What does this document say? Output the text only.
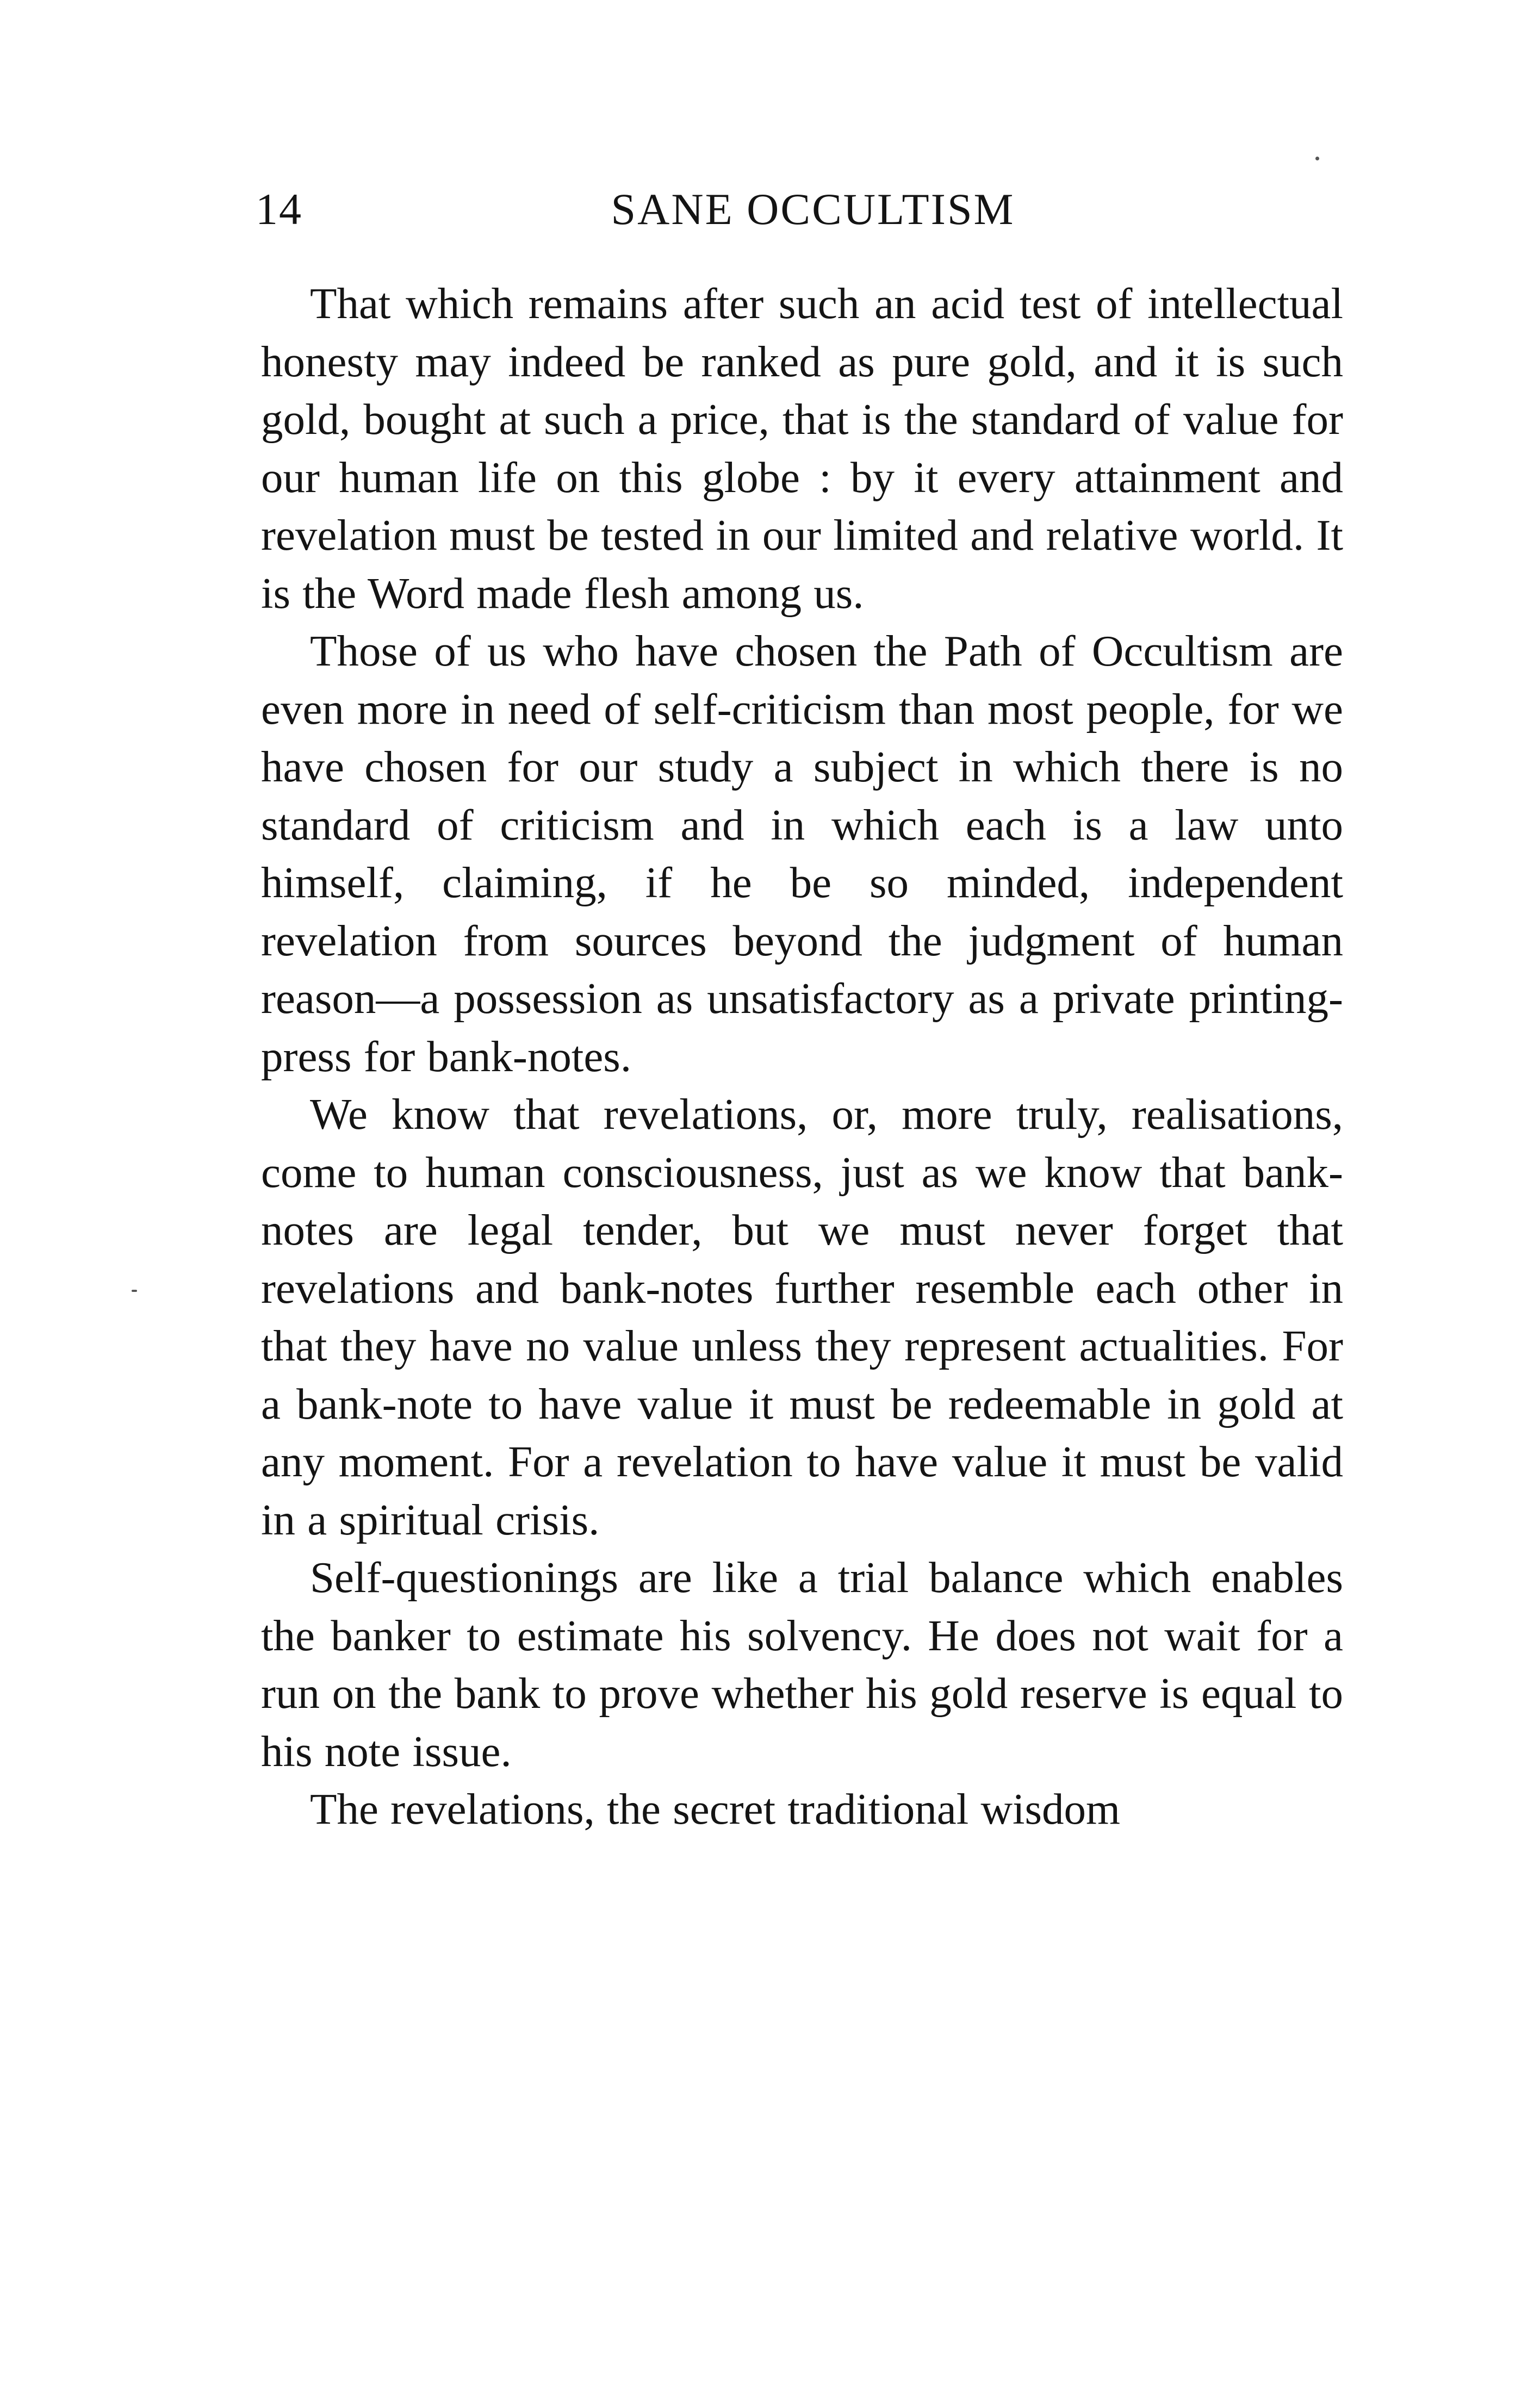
14	SANE OCCULTISM

That which remains after such an acid test of intellectual honesty may indeed be ranked as pure gold, and it is such gold, bought at such a price, that is the standard of value for our human life on this globe : by it every attainment and revelation must be tested in our limited and relative world. It is the Word made flesh among us.

Those of us who have chosen the Path of Occultism are even more in need of self-criticism than most people, for we have chosen for our study a subject in which there is no standard of criticism and in which each is a law unto himself, claiming, if he be so minded, independent revelation from sources beyond the judgment of human reason—a possession as unsatisfactory as a private printing-press for bank-notes.

We know that revelations, or, more truly, realisations, come to human consciousness, just as we know that bank-notes are legal tender, but we must never forget that revelations and bank-notes further resemble each other in that they have no value unless they represent actualities. For a bank-note to have value it must be redeemable in gold at any moment. For a revelation to have value it must be valid in a spiritual crisis.

Self-questionings are like a trial balance which enables the banker to estimate his solvency. He does not wait for a run on the bank to prove whether his gold reserve is equal to his note issue.

The revelations, the secret traditional wisdom
